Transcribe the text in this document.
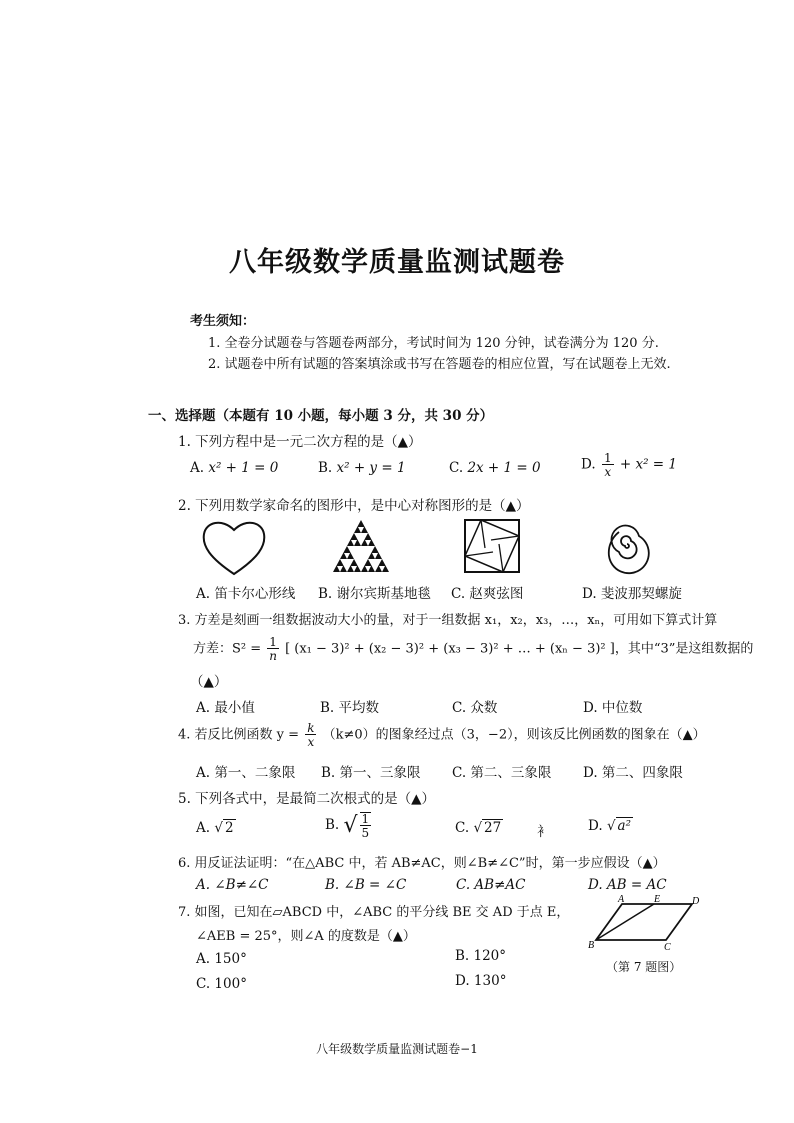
八年级数学质量监测试题卷
考生须知：
1. 全卷分试题卷与答题卷两部分，考试时间为 120 分钟，试卷满分为 120 分.
2. 试题卷中所有试题的答案填涂或书写在答题卷的相应位置，写在试题卷上无效.
一、选择题（本题有 10 小题，每小题 3 分，共 30 分）
1. 下列方程中是一元二次方程的是（▲）
A. x² + 1 = 0	B. x² + y = 1	C. 2x + 1 = 0	D. $\frac{1}{x} + x^2 = 1$
2. 下列用数学家命名的图形中，是中心对称图形的是（▲）
A. 笛卡尔心形线 B. 谢尔宾斯基地毯 C. 赵爽弦图	D. 斐波那契螺旋
3. 方差是刻画一组数据波动大小的量，对于一组数据 x₁，x₂，x₃，…，xₙ，可用如下算式计算
方差：$S^2 = \frac{1}{n}$ [ (x₁ − 3)² + (x₂ − 3)² + (x₃ − 3)² + … + (xₙ − 3)² ]，其中“3”是这组数据的
（▲）
A. 最小值	B. 平均数	C. 众数	D. 中位数
4. 若反比例函数 $y = \frac{k}{x} (k\ne 0)$的图象经过点（3，−2），则该反比例函数的图象在（▲）
A. 第一、二象限 B. 第一、三象限 C. 第二、三象限 D. 第二、四象限
5. 下列各式中，是最简二次根式的是（▲）
A. √ 2	B. √ $\frac{1}{5}$	C. √ 27	衤	D. √ a²
6. 用反证法证明：“在△ABC 中，若 AB≠AC，则∠B≠∠C”时，第一步应假设（▲）
A. ∠B≠∠C	B. ∠B = ∠C	C. AB≠AC	D. AB = AC
7. 如图，已知在▱ABCD 中，∠ABC 的平分线 BE 交 AD 于点 E，
∠AEB = 25°，则∠A 的度数是（▲）
A. 150°	B. 120°
C. 100°	D. 130°
A	E	D
B	C
（第 7 题图）
八年级数学质量监测试题卷−1
